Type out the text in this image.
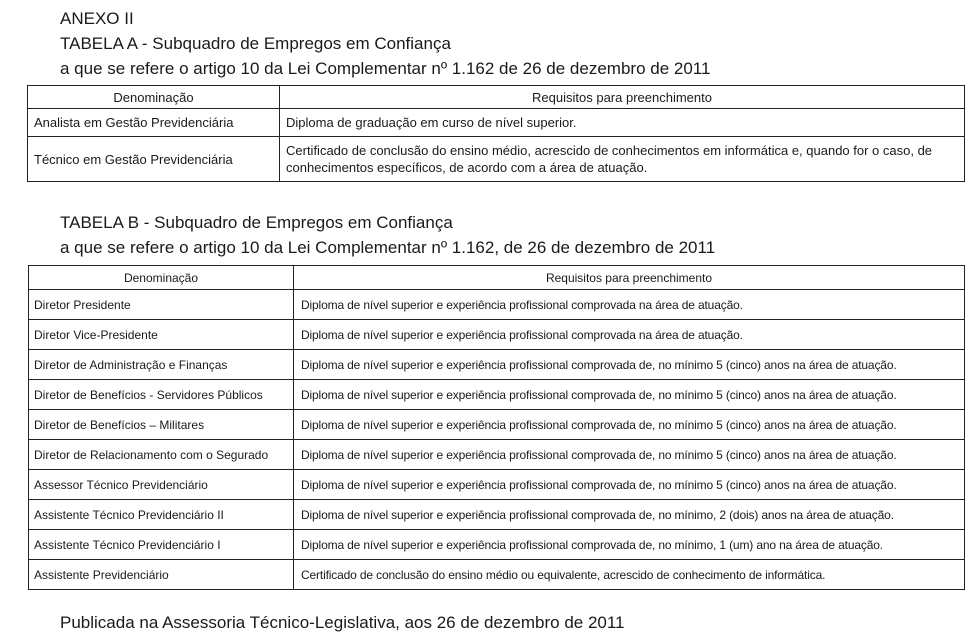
ANEXO II
TABELA A - Subquadro de Empregos em Confiança
a que se refere o artigo 10 da Lei Complementar nº 1.162 de 26 de dezembro de 2011
Denominação	Requisitos para preenchimento
Analista em Gestão Previdenciária	Diploma de graduação em curso de nível superior.
Técnico em Gestão Previdenciária	Certificado de conclusão do ensino médio, acrescido de conhecimentos em informática e, quando for o caso, de conhecimentos específicos, de acordo com a área de atuação.
TABELA B - Subquadro de Empregos em Confiança
a que se refere o artigo 10 da Lei Complementar nº 1.162, de 26 de dezembro de 2011
Denominação	Requisitos para preenchimento
Diretor Presidente	Diploma de nível superior e experiência profissional comprovada na área de atuação.
Diretor Vice-Presidente	Diploma de nível superior e experiência profissional comprovada na área de atuação.
Diretor de Administração e Finanças	Diploma de nível superior e experiência profissional comprovada de, no mínimo 5 (cinco) anos na área de atuação.
Diretor de Benefícios - Servidores Públicos	Diploma de nível superior e experiência profissional comprovada de, no mínimo 5 (cinco) anos na área de atuação.
Diretor de Benefícios – Militares	Diploma de nível superior e experiência profissional comprovada de, no mínimo 5 (cinco) anos na área de atuação.
Diretor de Relacionamento com o Segurado	Diploma de nível superior e experiência profissional comprovada de, no mínimo 5 (cinco) anos na área de atuação.
Assessor Técnico Previdenciário	Diploma de nível superior e experiência profissional comprovada de, no mínimo 5 (cinco) anos na área de atuação.
Assistente Técnico Previdenciário II	Diploma de nível superior e experiência profissional comprovada de, no mínimo, 2 (dois) anos na área de atuação.
Assistente Técnico Previdenciário I	Diploma de nível superior e experiência profissional comprovada de, no mínimo, 1 (um) ano na área de atuação.
Assistente Previdenciário	Certificado de conclusão do ensino médio ou equivalente, acrescido de conhecimento de informática.
Publicada na Assessoria Técnico-Legislativa, aos 26 de dezembro de 2011
